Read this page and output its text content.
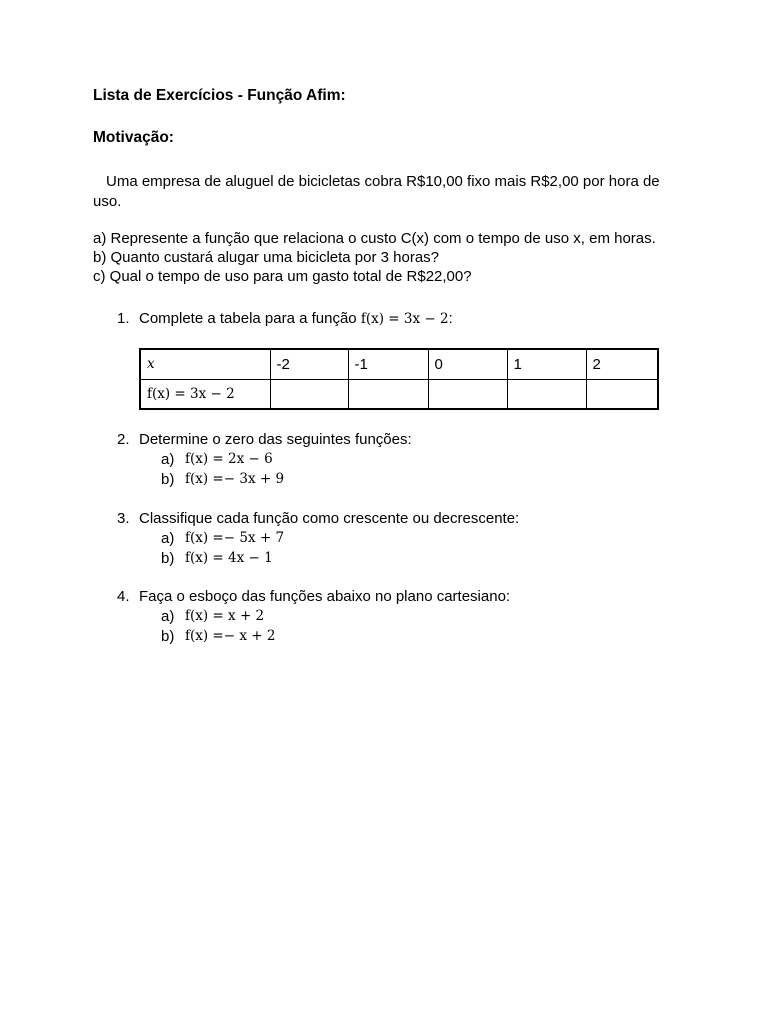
Lista de Exercícios - Função Afim:
Motivação:
Uma empresa de aluguel de bicicletas cobra R$10,00 fixo mais R$2,00 por hora de uso.
a) Represente a função que relaciona o custo C(x) com o tempo de uso x, em horas.
b) Quanto custará alugar uma bicicleta por 3 horas?
c) Qual o tempo de uso para um gasto total de R$22,00?
1. Complete a tabela para a função f(x) = 3x − 2:
x	-2	-1	0	1	2
f(x) = 3x − 2					
2. Determine o zero das seguintes funções:
a) f(x) = 2x − 6
b) f(x) =− 3x + 9
3. Classifique cada função como crescente ou decrescente:
a) f(x) =− 5x + 7
b) f(x) = 4x − 1
4. Faça o esboço das funções abaixo no plano cartesiano:
a) f(x) = x + 2
b) f(x) =− x + 2
